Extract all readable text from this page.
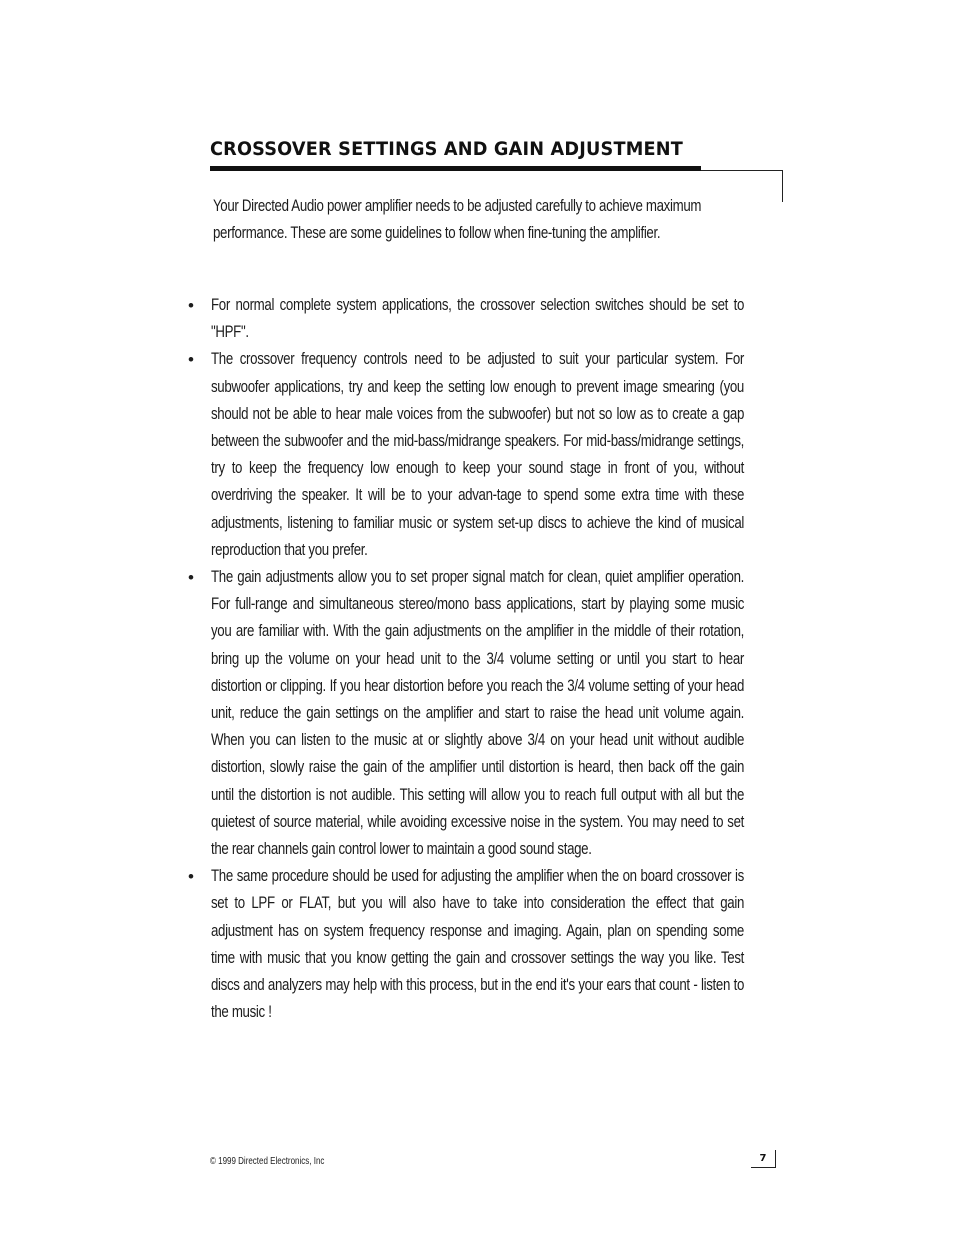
CROSSOVER SETTINGS AND GAIN ADJUSTMENT

Your Directed Audio power amplifier needs to be adjusted carefully to achieve maximum performance. These are some guidelines to follow when fine-tuning the amplifier.

• For normal complete system applications, the crossover selection switches should be set to "HPF".
• The crossover frequency controls need to be adjusted to suit your particular system. For subwoofer applications, try and keep the setting low enough to prevent image smearing (you should not be able to hear male voices from the subwoofer) but not so low as to create a gap between the subwoofer and the mid-bass/midrange speakers. For mid-bass/midrange settings, try to keep the frequency low enough to keep your sound stage in front of you, without overdriving the speaker. It will be to your advan-tage to spend some extra time with these adjustments, listening to familiar music or system set-up discs to achieve the kind of musical reproduction that you prefer.
• The gain adjustments allow you to set proper signal match for clean, quiet amplifier operation. For full-range and simultaneous stereo/mono bass applications, start by playing some music you are familiar with. With the gain adjustments on the amplifier in the middle of their rotation, bring up the volume on your head unit to the 3/4 volume setting or until you start to hear distortion or clipping. If you hear distortion before you reach the 3/4 volume setting of your head unit, reduce the gain settings on the amplifier and start to raise the head unit volume again. When you can listen to the music at or slightly above 3/4 on your head unit without audible distortion, slowly raise the gain of the amplifier until distortion is heard, then back off the gain until the distortion is not audible. This setting will allow you to reach full output with all but the quietest of source material, while avoiding excessive noise in the system. You may need to set the rear channels gain control lower to maintain a good sound stage.
• The same procedure should be used for adjusting the amplifier when the on board crossover is set to LPF or FLAT, but you will also have to take into consideration the effect that gain adjustment has on system frequency response and imaging. Again, plan on spending some time with music that you know getting the gain and crossover settings the way you like. Test discs and analyzers may help with this process, but in the end it's your ears that count - listen to the music !
© 1999 Directed Electronics, Inc	7
